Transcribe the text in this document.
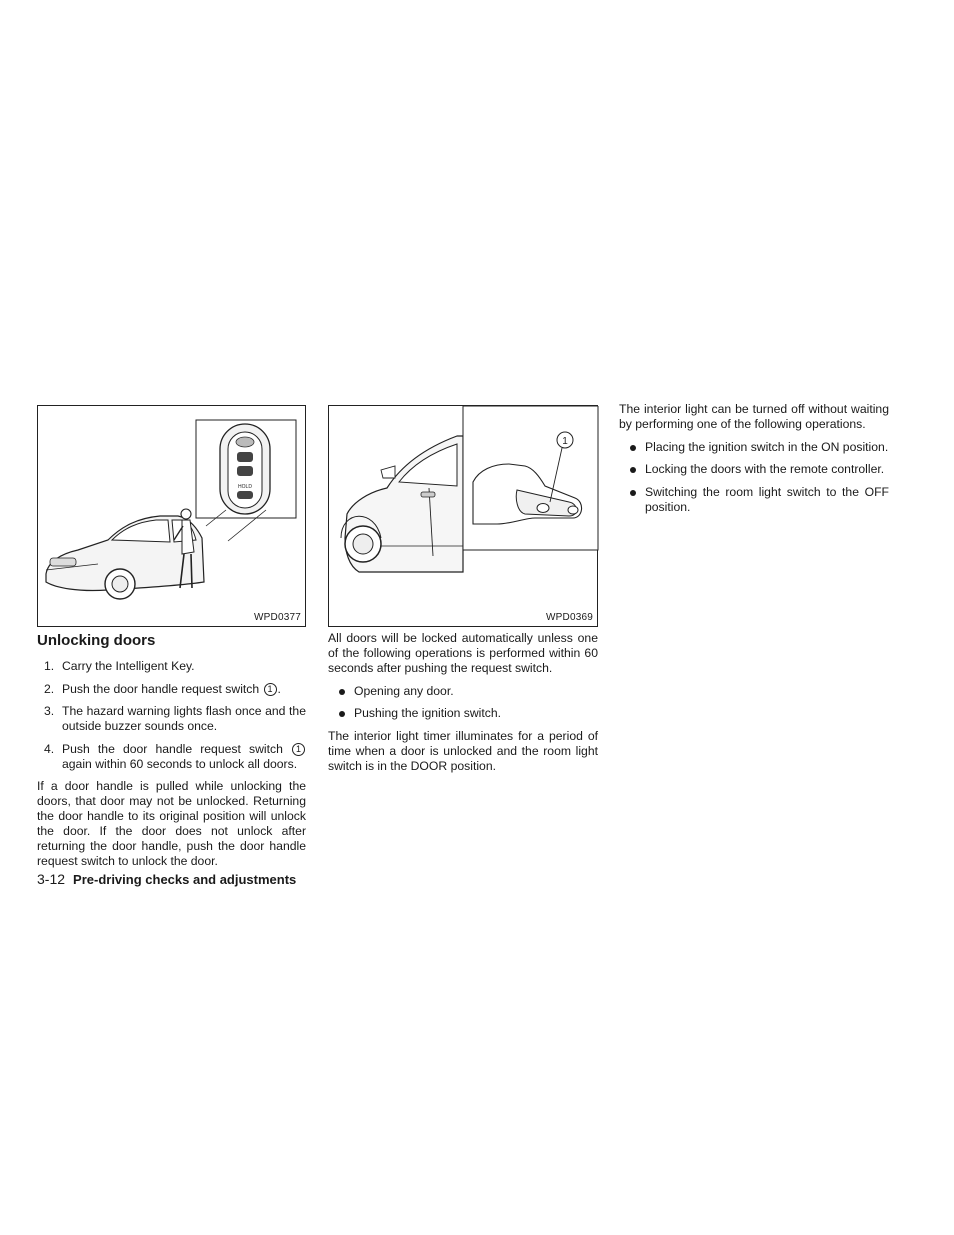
HOLD
WPD0377
1
WPD0369
Unlocking doors
1. Carry the Intelligent Key.
2. Push the door handle request switch 1 .
3. The hazard warning lights flash once and the outside buzzer sounds once.
4. Push the door handle request switch 1 again within 60 seconds to unlock all doors.

If a door handle is pulled while unlocking the doors, that door may not be unlocked. Returning the door handle to its original position will unlock the door. If the door does not unlock after returning the door handle, push the door handle request switch to unlock the door.

All doors will be locked automatically unless one of the following operations is performed within 60 seconds after pushing the request switch.

Opening any door.
Pushing the ignition switch.

The interior light timer illuminates for a period of time when a door is unlocked and the room light switch is in the DOOR position.

The interior light can be turned off without waiting by performing one of the following operations.

Placing the ignition switch in the ON position.
Locking the doors with the remote controller.
Switching the room light switch to the OFF position.
3-12 Pre-driving checks and adjustments
